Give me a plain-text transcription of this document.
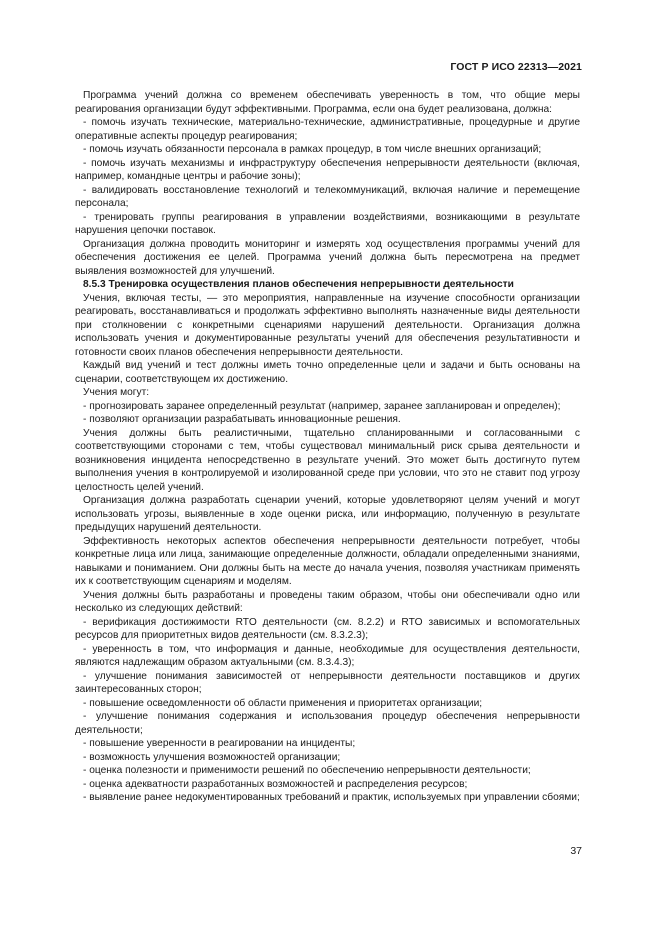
ГОСТ Р ИСО 22313—2021

Программа учений должна со временем обеспечивать уверенность в том, что общие меры реагирования организации будут эффективными. Программа, если она будет реализована, должна:

- помочь изучать технические, материально-технические, административные, процедурные и другие оперативные аспекты процедур реагирования;

- помочь изучать обязанности персонала в рамках процедур, в том числе внешних организаций;

- помочь изучать механизмы и инфраструктуру обеспечения непрерывности деятельности (включая, например, командные центры и рабочие зоны);

- валидировать восстановление технологий и телекоммуникаций, включая наличие и перемещение персонала;

- тренировать группы реагирования в управлении воздействиями, возникающими в результате нарушения цепочки поставок.

Организация должна проводить мониторинг и измерять ход осуществления программы учений для обеспечения достижения ее целей. Программа учений должна быть пересмотрена на предмет выявления возможностей для улучшений.

8.5.3 Тренировка осуществления планов обеспечения непрерывности деятельности

Учения, включая тесты, — это мероприятия, направленные на изучение способности организации реагировать, восстанавливаться и продолжать эффективно выполнять назначенные виды деятельности при столкновении с конкретными сценариями нарушений деятельности. Организация должна использовать учения и документированные результаты учений для обеспечения результативности и готовности своих планов обеспечения непрерывности деятельности.

Каждый вид учений и тест должны иметь точно определенные цели и задачи и быть основаны на сценарии, соответствующем их достижению.

Учения могут:

- прогнозировать заранее определенный результат (например, заранее запланирован и определен);

- позволяют организации разрабатывать инновационные решения.

Учения должны быть реалистичными, тщательно спланированными и согласованными с соответствующими сторонами с тем, чтобы существовал минимальный риск срыва деятельности и возникновения инцидента непосредственно в результате учений. Это может быть достигнуто путем выполнения учения в контролируемой и изолированной среде при условии, что это не ставит под угрозу целостность целей учений.

Организация должна разработать сценарии учений, которые удовлетворяют целям учений и могут использовать угрозы, выявленные в ходе оценки риска, или информацию, полученную в результате предыдущих нарушений деятельности.

Эффективность некоторых аспектов обеспечения непрерывности деятельности потребует, чтобы конкретные лица или лица, занимающие определенные должности, обладали определенными знаниями, навыками и пониманием. Они должны быть на месте до начала учения, позволяя участникам применять их к соответствующим сценариям и моделям.

Учения должны быть разработаны и проведены таким образом, чтобы они обеспечивали одно или несколько из следующих действий:

- верификация достижимости RTO деятельности (см. 8.2.2) и RTO зависимых и вспомогательных ресурсов для приоритетных видов деятельности (см. 8.3.2.3);

- уверенность в том, что информация и данные, необходимые для осуществления деятельности, являются надлежащим образом актуальными (см. 8.3.4.3);

- улучшение понимания зависимостей от непрерывности деятельности поставщиков и других заинтересованных сторон;

- повышение осведомленности об области применения и приоритетах организации;

- улучшение понимания содержания и использования процедур обеспечения непрерывности деятельности;

- повышение уверенности в реагировании на инциденты;

- возможность улучшения возможностей организации;

- оценка полезности и применимости решений по обеспечению непрерывности деятельности;

- оценка адекватности разработанных возможностей и распределения ресурсов;

- выявление ранее недокументированных требований и практик, используемых при управлении сбоями;

37
